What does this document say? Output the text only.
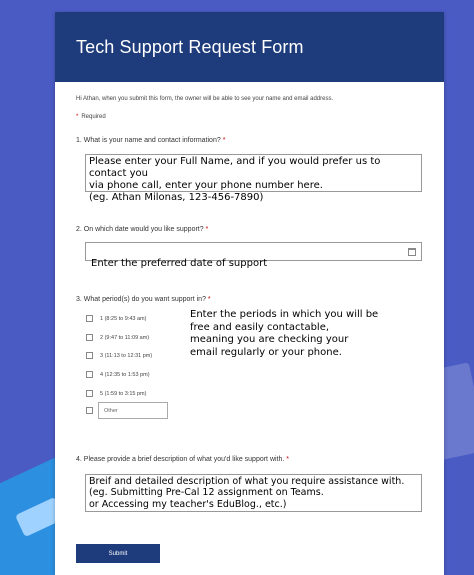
Tech Support Request Form
Hi Athan, when you submit this form, the owner will be able to see your name and email address.
* Required
1. What is your name and contact information? *
Please enter your Full Name, and if you would prefer us to contact you
via phone call, enter your phone number here.
(eg. Athan Milonas, 123-456-7890)
2. On which date would you like support? *

Enter the preferred date of support

3. What period(s) do you want support in? *
1 (8:25 to 9:43 am)
2 (9:47 to 11:09 am)
3 (11:13 to 12:31 pm)
4 (12:35 to 1:53 pm)
5 (1:59 to 3:15 pm)
Other
Enter the periods in which you will be
free and easily contactable,
meaning you are checking your
email regularly or your phone.
4. Please provide a brief description of what you'd like support with. *
Breif and detailed description of what you require assistance with.
(eg. Submitting Pre-Cal 12 assignment on Teams.
or Accessing my teacher's EduBlog., etc.)
Submit
